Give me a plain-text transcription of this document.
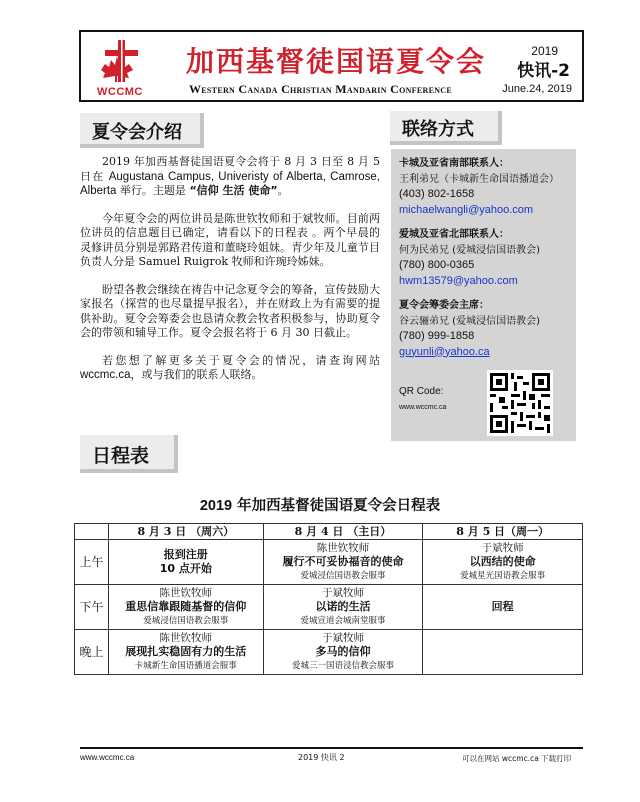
WCCMC
加西基督徒国语夏令会
Western Canada Christian Mandarin Conference
2019
快讯-2
June.24, 2019
夏令会介绍

2019 年加西基督徒国语夏令会将于 8 月 3 日至 8 月 5 日在 Augustana Campus, Univeristy of Alberta, Camrose, Alberta 举行。主题是 “信仰 生活 使命”。

今年夏令会的两位讲员是陈世钦牧师和于斌牧师。目前两位讲员的信息题目已确定，请看以下的日程表 。两个早晨的灵修讲员分别是郭路君传道和董晓玲姐妹。青少年及儿童节目负责人分是 Samuel Ruigrok 牧师和许琬玲姊妹。

盼望各教会继续在祷告中记念夏令会的筹备，宣传鼓励大家报名（探营的也尽量提早报名），并在财政上为有需要的提供补助。夏令会筹委会也恳请众教会牧者积极参与，协助夏令会的带领和辅导工作。夏令会报名将于 6 月 30 日截止。

若您想了解更多关于夏令会的情况，请查询网站 wccmc.ca，或与我们的联系人联络。

联络方式
卡城及亚省南部联系人：
王利弟兄（卡城新生命国语播道会）
(403) 802-1658
michaelwangli@yahoo.com
爱城及亚省北部联系人：
何为民弟兄 (爱城浸信国语教会)
(780) 800-0365
hwm13579@yahoo.com
夏令会筹委会主席：
谷云骊弟兄 (爱城浸信国语教会)
(780) 999-1858
guyunli@yahoo.ca
QR Code:
www.wccmc.ca
日程表
2019 年加西基督徒国语夏令会日程表
	8 月 3 日 （周六）	8 月 4 日 （主日）	8 月 5 日（周一）
上午	报到注册
10 点开始	陈世钦牧师
履行不可妥协福音的使命
爱城浸信国语教会服事	于斌牧师
以西结的使命
爱城星光国语教会服事

下午	陈世钦牧师
重思信靠跟随基督的信仰
爱城浸信国语教会服事	于斌牧师
以诺的生活
爱城宣道会城南堂服事	回程

晚上	陈世钦牧师
展现扎实稳固有力的生活
卡城新生命国语播道会服事	于斌牧师
多马的信仰
爱城三一国语浸信教会服事	

www.wccmc.ca	2019 快讯 2	可以在网站 wccmc.ca 下载打印
